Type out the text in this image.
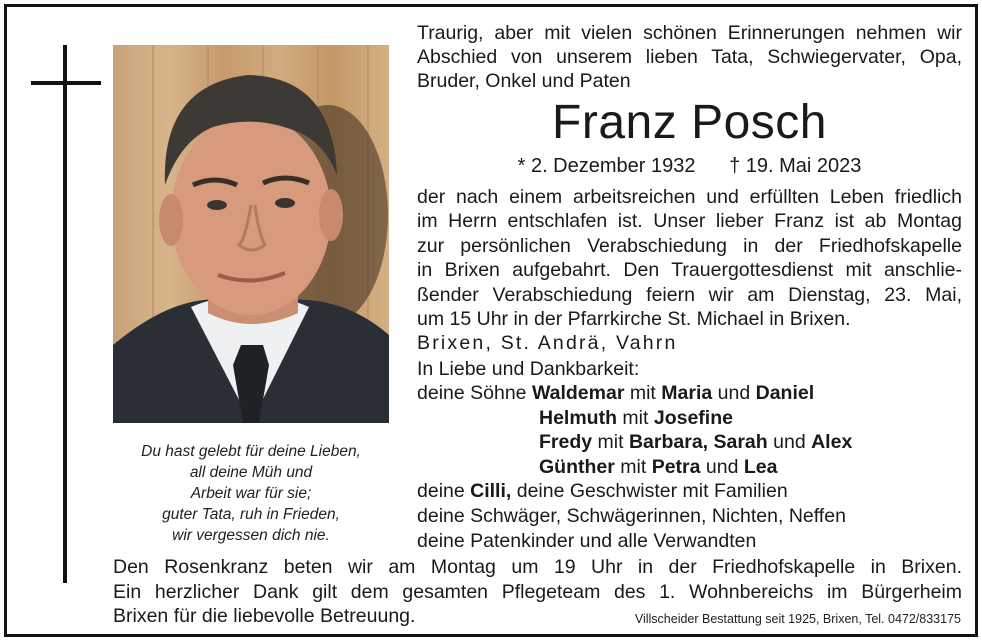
Du hast gelebt für deine Lieben,
all deine Müh und
Arbeit war für sie;
guter Tata, ruh in Frieden,
wir vergessen dich nie.
Traurig, aber mit vielen schönen Erinnerungen nehmen wir
Abschied von unserem lieben Tata, Schwiegervater, Opa,
Bruder, Onkel und Paten
Franz Posch
* 2. Dezember 1932 † 19. Mai 2023
der nach einem arbeitsreichen und erfüllten Leben friedlich
im Herrn entschlafen ist. Unser lieber Franz ist ab Montag
zur persönlichen Verabschiedung in der Friedhofskapelle
in Brixen aufgebahrt. Den Trauergottesdienst mit anschlie-
ßender Verabschiedung feiern wir am Dienstag, 23. Mai,
um 15 Uhr in der Pfarrkirche St. Michael in Brixen.
Brixen, St. Andrä, Vahrn
In Liebe und Dankbarkeit:
deine Söhne Waldemar mit Maria und Daniel
Helmuth mit Josefine
Fredy mit Barbara, Sarah und Alex
Günther mit Petra und Lea
deine Cilli, deine Geschwister mit Familien
deine Schwäger, Schwägerinnen, Nichten, Neffen
deine Patenkinder und alle Verwandten
Den Rosenkranz beten wir am Montag um 19 Uhr in der Friedhofskapelle in Brixen.
Ein herzlicher Dank gilt dem gesamten Pflegeteam des 1. Wohnbereichs im Bürgerheim
Brixen für die liebevolle Betreuung.	Villscheider Bestattung seit 1925, Brixen, Tel. 0472/833175
